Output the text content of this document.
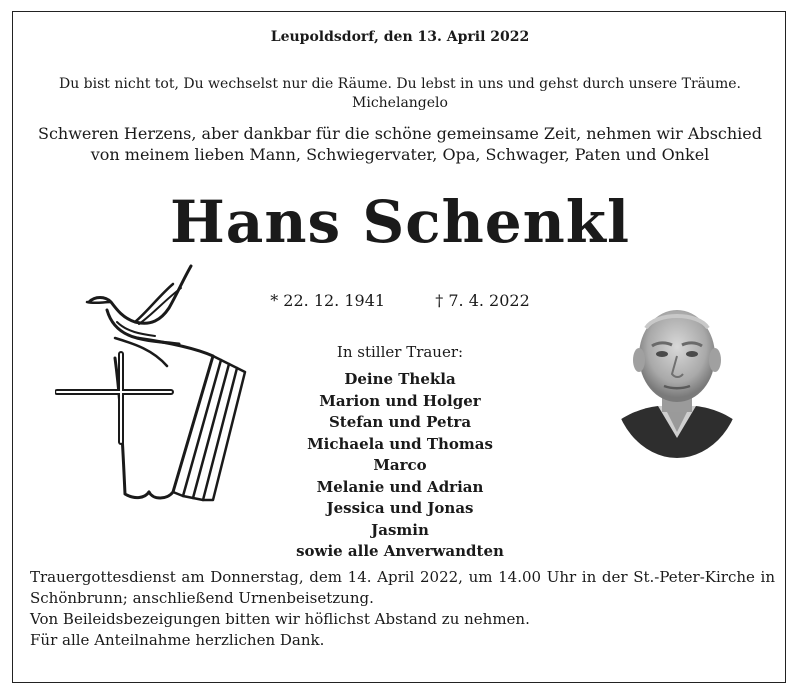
Leupoldsdorf, den 13. April 2022
Du bist nicht tot, Du wechselst nur die Räume. Du lebst in uns und gehst durch unsere Träume.
Michelangelo
Schweren Herzens, aber dankbar für die schöne gemeinsame Zeit, nehmen wir Abschied
von meinem lieben Mann, Schwiegervater, Opa, Schwager, Paten und Onkel
Hans Schenkl
* 22. 12. 1941	† 7. 4. 2022
In stiller Trauer:
Deine Thekla
Marion und Holger
Stefan und Petra
Michaela und Thomas
Marco
Melanie und Adrian
Jessica und Jonas
Jasmin
sowie alle Anverwandten

Trauergottesdienst am Donnerstag, dem 14. April 2022, um 14.00 Uhr in der St.-Peter-Kirche in Schönbrunn; anschließend Urnenbeisetzung.

Von Beileidsbezeigungen bitten wir höflichst Abstand zu nehmen.

Für alle Anteilnahme herzlichen Dank.
